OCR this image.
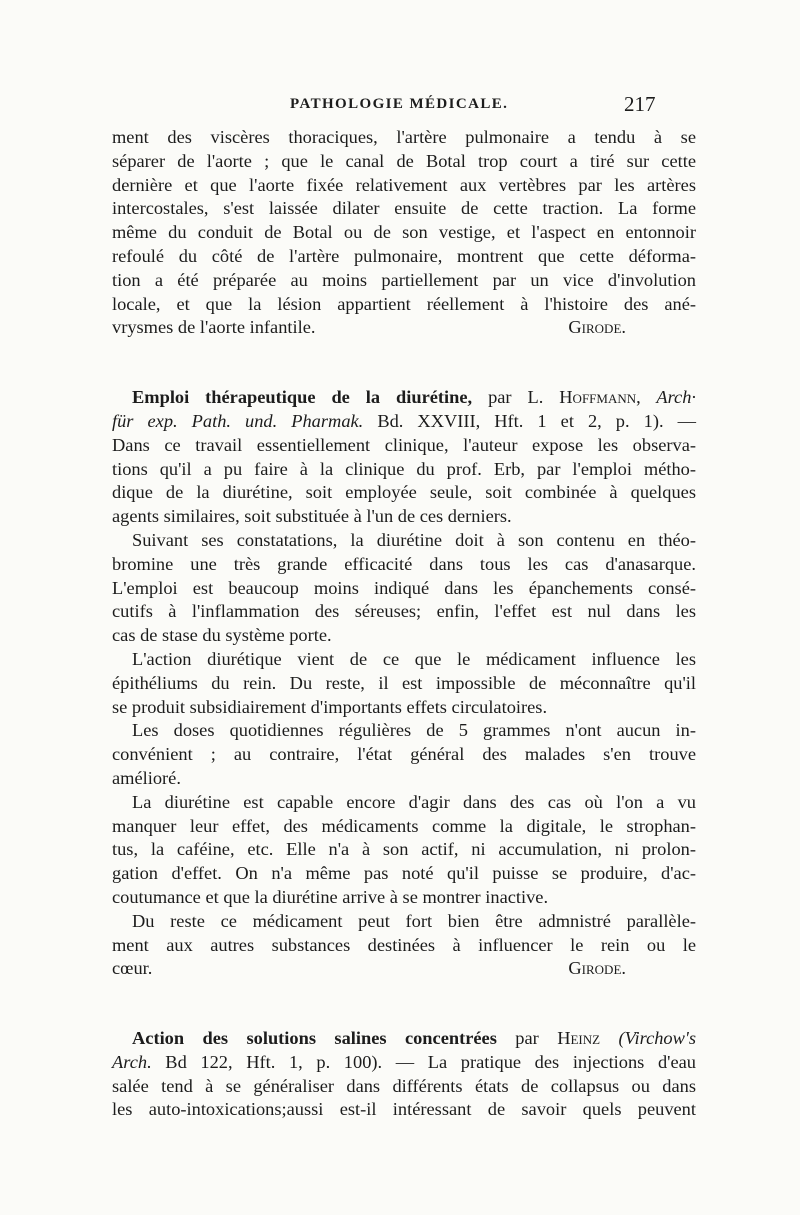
PATHOLOGIE MÉDICALE.	217
ment des viscères thoraciques, l'artère pulmonaire a tendu à se
séparer de l'aorte ; que le canal de Botal trop court a tiré sur cette
dernière et que l'aorte fixée relativement aux vertèbres par les artères
intercostales, s'est laissée dilater ensuite de cette traction. La forme
même du conduit de Botal ou de son vestige, et l'aspect en entonnoir
refoulé du côté de l'artère pulmonaire, montrent que cette déforma-
tion a été préparée au moins partiellement par un vice d'involution
locale, et que la lésion appartient réellement à l'histoire des ané-
vrysmes de l'aorte infantile.	Girode.
Emploi thérapeutique de la diurétine, par L. Hoffmann, Arch·
für exp. Path. und. Pharmak. Bd. XXVIII, Hft. 1 et 2, p. 1). —
Dans ce travail essentiellement clinique, l'auteur expose les observa-
tions qu'il a pu faire à la clinique du prof. Erb, par l'emploi métho-
dique de la diurétine, soit employée seule, soit combinée à quelques
agents similaires, soit substituée à l'un de ces derniers.
Suivant ses constatations, la diurétine doit à son contenu en théo-
bromine une très grande efficacité dans tous les cas d'anasarque.
L'emploi est beaucoup moins indiqué dans les épanchements consé-
cutifs à l'inflammation des séreuses; enfin, l'effet est nul dans les
cas de stase du système porte.
L'action diurétique vient de ce que le médicament influence les
épithéliums du rein. Du reste, il est impossible de méconnaître qu'il
se produit subsidiairement d'importants effets circulatoires.
Les doses quotidiennes régulières de 5 grammes n'ont aucun in-
convénient ; au contraire, l'état général des malades s'en trouve
amélioré.
La diurétine est capable encore d'agir dans des cas où l'on a vu
manquer leur effet, des médicaments comme la digitale, le strophan-
tus, la caféine, etc. Elle n'a à son actif, ni accumulation, ni prolon-
gation d'effet. On n'a même pas noté qu'il puisse se produire, d'ac-
coutumance et que la diurétine arrive à se montrer inactive.
Du reste ce médicament peut fort bien être admnistré parallèle-
ment aux autres substances destinées à influencer le rein ou le
cœur.	Girode.
Action des solutions salines concentrées par Heinz (Virchow's
Arch. Bd 122, Hft. 1, p. 100). — La pratique des injections d'eau
salée tend à se généraliser dans différents états de collapsus ou dans
les auto-intoxications;aussi est-il intéressant de savoir quels peuvent
